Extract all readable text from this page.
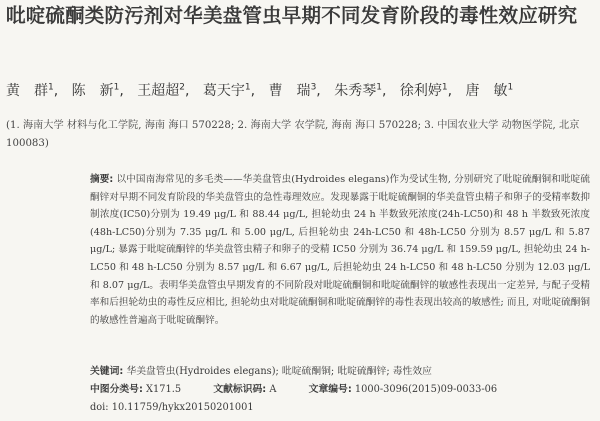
吡啶硫酮类防污剂对华美盘管虫早期不同发育阶段的毒性效应研究
黄　群$^1$, 陈　新$^1$, 王超超$^2$, 葛天宇$^1$, 曹　瑞$^3$, 朱秀琴$^1$, 徐利婷$^1$, 唐　敏$^1$
(1. 海南大学 材料与化工学院, 海南 海口 570228; 2. 海南大学 农学院, 海南 海口 570228; 3. 中国农业大学 动物医学院, 北京 100083)
摘要: 以中国南海常见的多毛类——华美盘管虫(Hydroides elegans)作为受试生物, 分别研究了吡啶硫酮铜和吡啶硫酮锌对早期不同发育阶段的华美盘管虫的急性毒理效应。发现暴露于吡啶硫酮铜的华美盘管虫精子和卵子的受精率数抑制浓度(IC50)分别为 19.49 μg/L 和 88.44 μg/L, 担轮幼虫 24 h 半数致死浓度(24h-LC50)和 48 h 半数致死浓度(48h-LC50)分别为 7.35 μg/L 和 5.00 μg/L, 后担轮幼虫 24h-LC50 和 48h-LC50 分别为 8.57 μg/L 和 5.87 μg/L; 暴露于吡啶硫酮锌的华美盘管虫精子和卵子的受精 IC50 分别为 36.74 μg/L 和 159.59 μg/L, 担轮幼虫 24 h-LC50 和 48 h-LC50 分别为 8.57 μg/L 和 6.67 μg/L, 后担轮幼虫 24 h-LC50 和 48 h-LC50 分别为 12.03 μg/L 和 8.07 μg/L。表明华美盘管虫早期发育的不同阶段对吡啶硫酮铜和吡啶硫酮锌的敏感性表现出一定差异, 与配子受精率和后担轮幼虫的毒性反应相比, 担轮幼虫对吡啶硫酮铜和吡啶硫酮锌的毒性表现出较高的敏感性; 而且, 对吡啶硫酮铜的敏感性普遍高于吡啶硫酮锌。
关键词: 华美盘管虫(Hydroides elegans); 吡啶硫酮铜; 吡啶硫酮锌; 毒性效应
中图分类号: X171.5	文献标识码: A	文章编号: 1000-3096(2015)09-0033-06
doi: 10.11759/hykx20150201001
